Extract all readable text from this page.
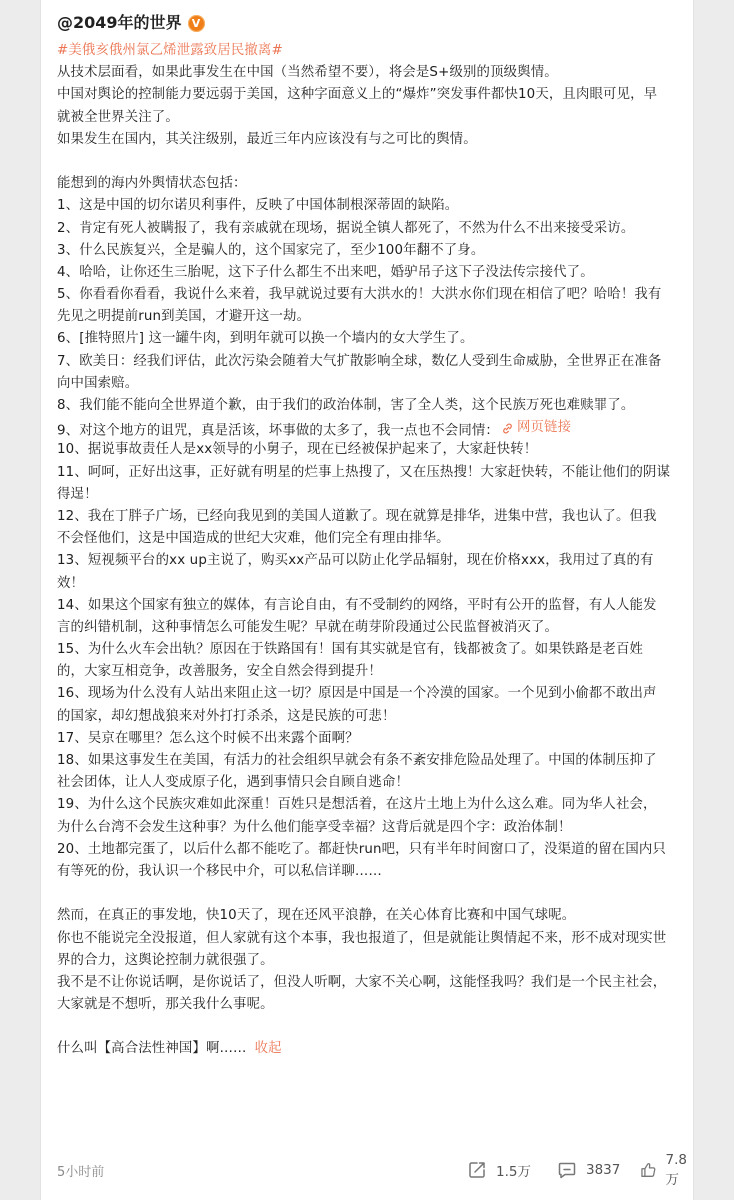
@2049年的世界 V
#美俄亥俄州氯乙烯泄露致居民撤离#
从技术层面看，如果此事发生在中国（当然希望不要），将会是S+级别的顶级舆情。
中国对舆论的控制能力要远弱于美国，这种字面意义上的“爆炸”突发事件都快10天，且肉眼可见，早
就被全世界关注了。
如果发生在国内，其关注级别，最近三年内应该没有与之可比的舆情。
能想到的海内外舆情状态包括：
1、这是中国的切尔诺贝利事件，反映了中国体制根深蒂固的缺陷。
2、肯定有死人被瞒报了，我有亲戚就在现场，据说全镇人都死了，不然为什么不出来接受采访。
3、什么民族复兴，全是骗人的，这个国家完了，至少100年翻不了身。
4、哈哈，让你还生三胎呢，这下子什么都生不出来吧，婚驴吊子这下子没法传宗接代了。
5、你看看你看看，我说什么来着，我早就说过要有大洪水的！大洪水你们现在相信了吧？哈哈！我有
先见之明提前run到美国，才避开这一劫。
6、[推特照片] 这一罐牛肉，到明年就可以换一个墙内的女大学生了。
7、欧美日：经我们评估，此次污染会随着大气扩散影响全球，数亿人受到生命威胁，全世界正在准备
向中国索赔。
8、我们能不能向全世界道个歉，由于我们的政治体制，害了全人类，这个民族万死也难赎罪了。
9、对这个地方的诅咒，真是活该，坏事做的太多了，我一点也不会同情： 网页链接
10、据说事故责任人是xx领导的小舅子，现在已经被保护起来了，大家赶快转！
11、呵呵，正好出这事，正好就有明星的烂事上热搜了，又在压热搜！大家赶快转，不能让他们的阴谋
得逞！
12、我在丁胖子广场，已经向我见到的美国人道歉了。现在就算是排华，进集中营，我也认了。但我
不会怪他们，这是中国造成的世纪大灾难，他们完全有理由排华。
13、短视频平台的xx up主说了，购买xx产品可以防止化学品辐射，现在价格xxx，我用过了真的有
效！
14、如果这个国家有独立的媒体，有言论自由，有不受制约的网络，平时有公开的监督，有人人能发
言的纠错机制，这种事情怎么可能发生呢？早就在萌芽阶段通过公民监督被消灭了。
15、为什么火车会出轨？原因在于铁路国有！国有其实就是官有，钱都被贪了。如果铁路是老百姓
的，大家互相竞争，改善服务，安全自然会得到提升！
16、现场为什么没有人站出来阻止这一切？原因是中国是一个冷漠的国家。一个见到小偷都不敢出声
的国家，却幻想战狼来对外打打杀杀，这是民族的可悲！
17、吴京在哪里？怎么这个时候不出来露个面啊？
18、如果这事发生在美国，有活力的社会组织早就会有条不紊安排危险品处理了。中国的体制压抑了
社会团体，让人人变成原子化，遇到事情只会自顾自逃命！
19、为什么这个民族灾难如此深重！百姓只是想活着，在这片土地上为什么这么难。同为华人社会，
为什么台湾不会发生这种事？为什么他们能享受幸福？这背后就是四个字：政治体制！
20、土地都完蛋了，以后什么都不能吃了。都赶快run吧，只有半年时间窗口了，没渠道的留在国内只
有等死的份，我认识一个移民中介，可以私信详聊……
然而，在真正的事发地，快10天了，现在还风平浪静，在关心体育比赛和中国气球呢。
你也不能说完全没报道，但人家就有这个本事，我也报道了，但是就能让舆情起不来，形不成对现实世
界的合力，这舆论控制力就很强了。
我不是不让你说话啊，是你说话了，但没人听啊，大家不关心啊，这能怪我吗？我们是一个民主社会，
大家就是不想听，那关我什么事呢。
什么叫【高合法性神国】啊…… 收起
5小时前	1.5万	3837
7.8万
